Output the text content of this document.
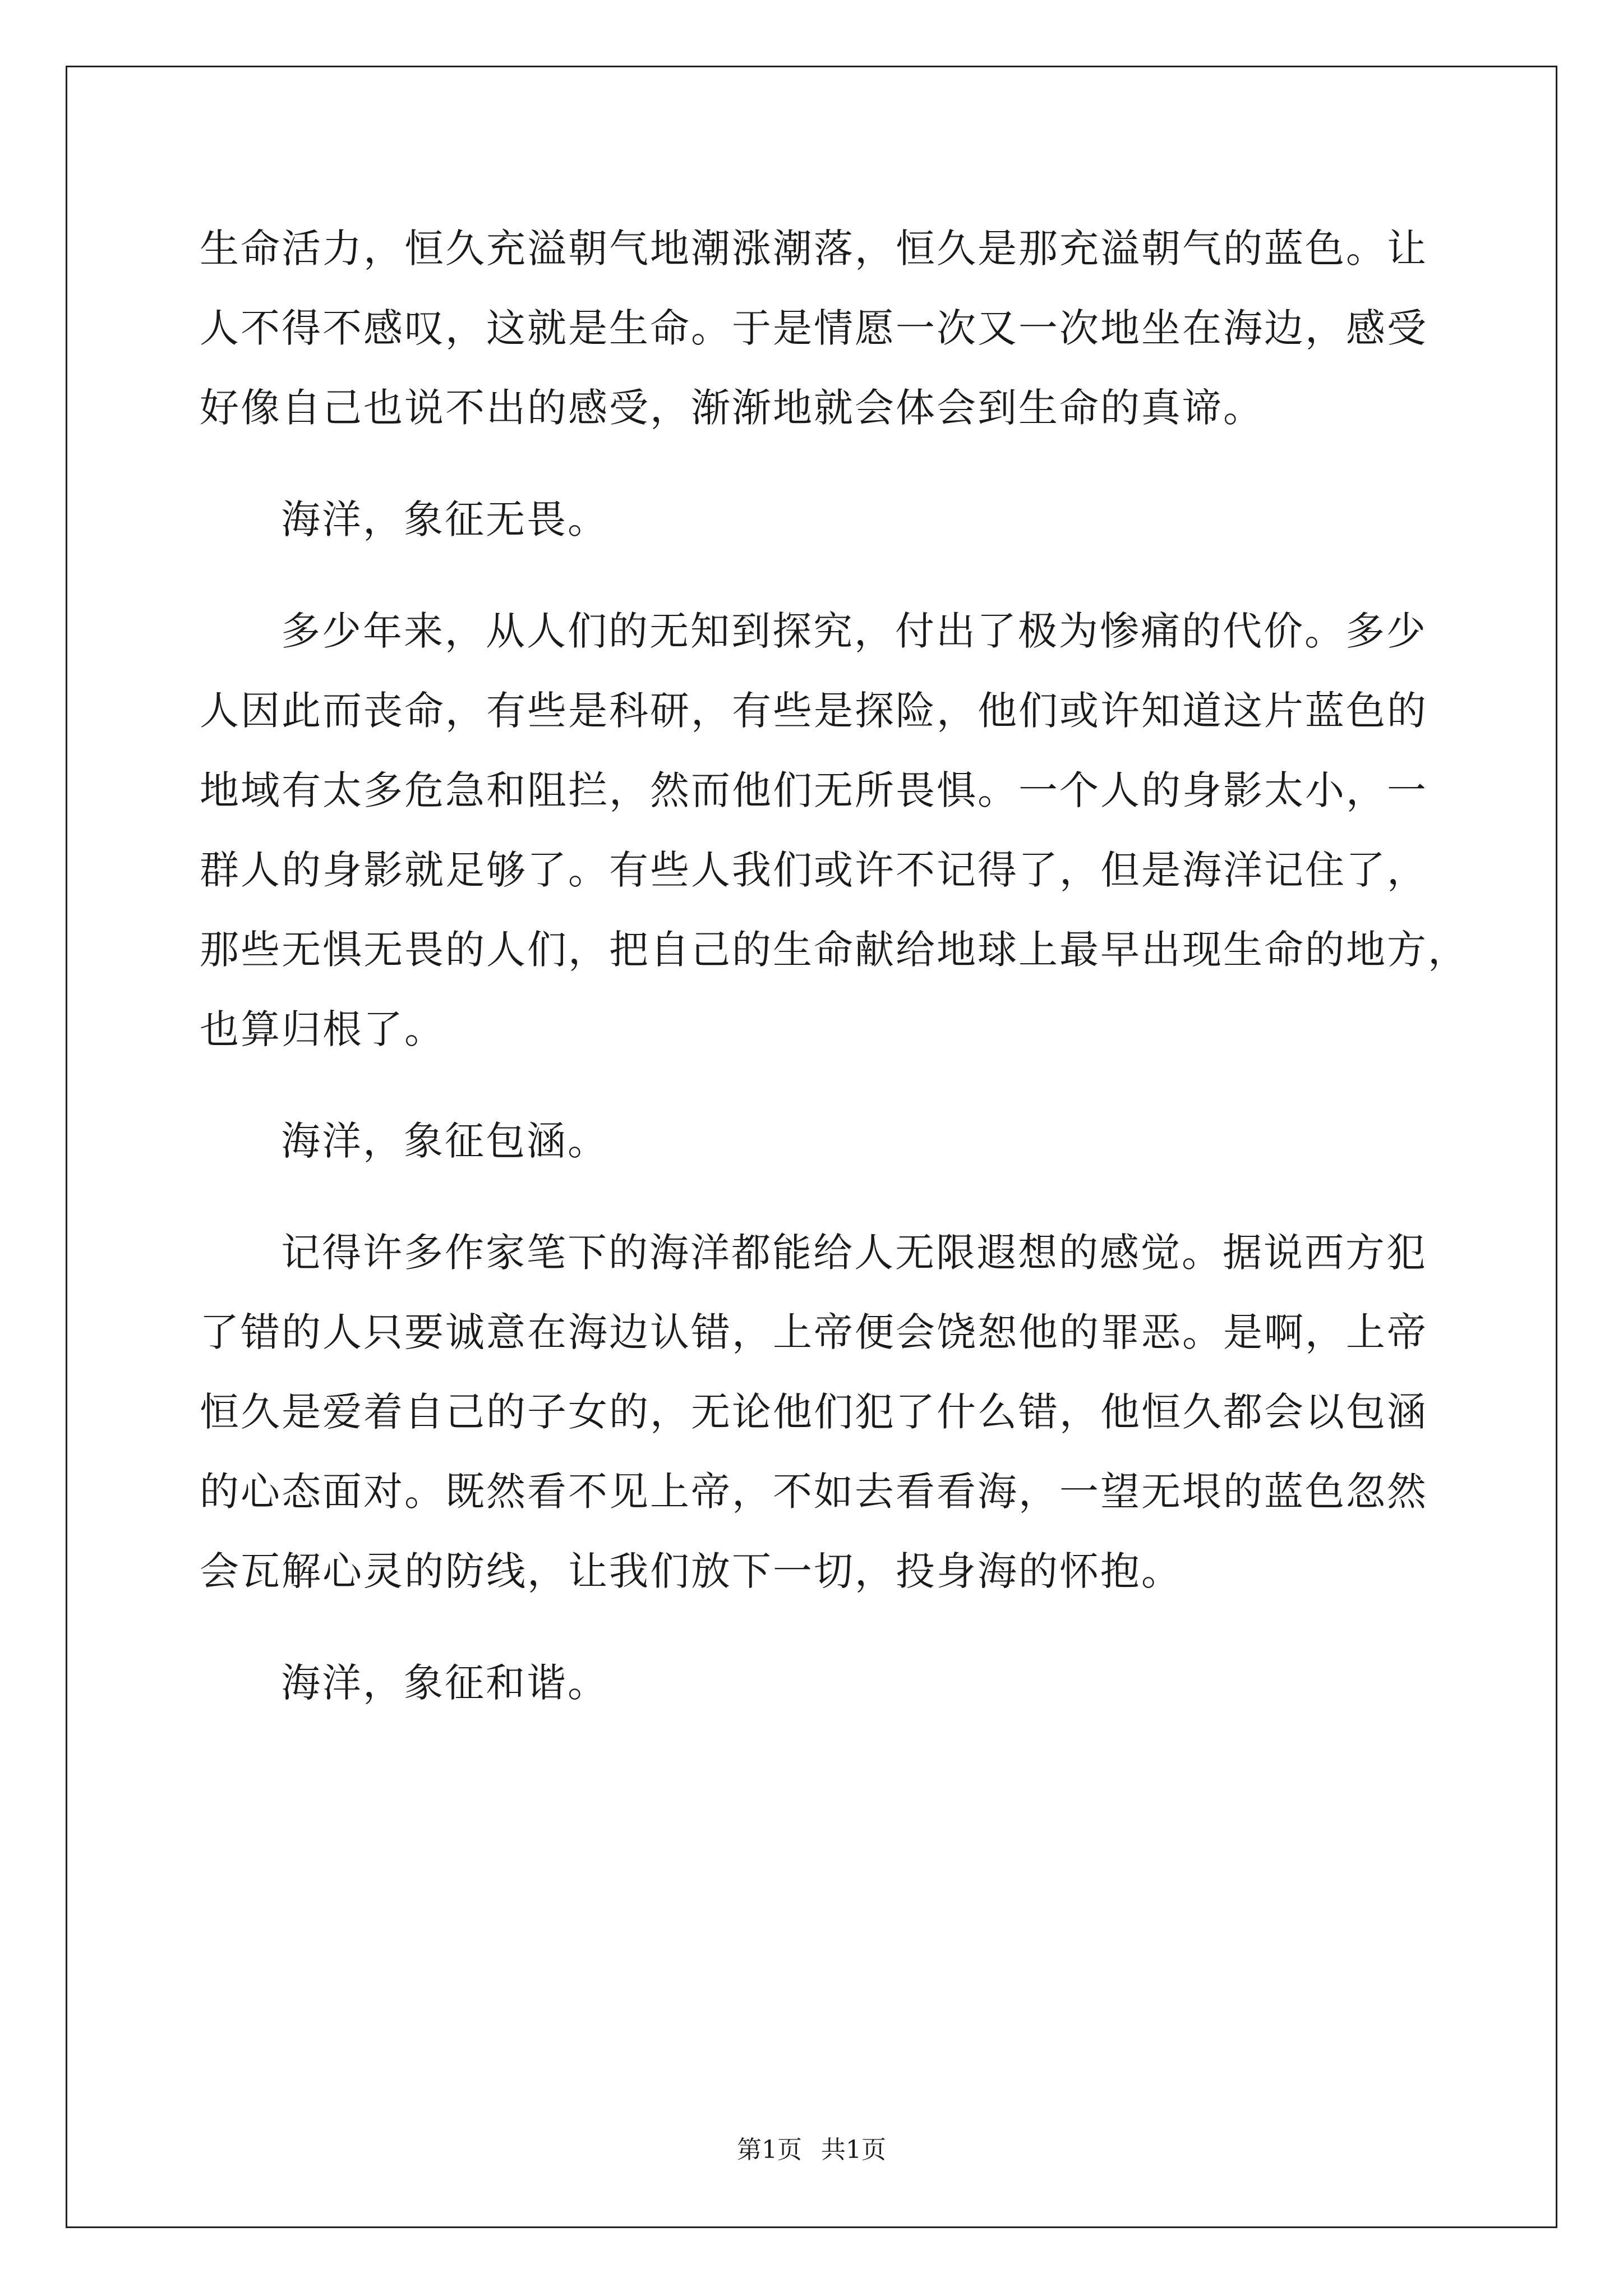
生命活力，恒久充溢朝气地潮涨潮落，恒久是那充溢朝气的蓝色。让
人不得不感叹，这就是生命。于是情愿一次又一次地坐在海边，感受
好像自己也说不出的感受，渐渐地就会体会到生命的真谛。
海洋，象征无畏。
多少年来，从人们的无知到探究，付出了极为惨痛的代价。多少
人因此而丧命，有些是科研，有些是探险，他们或许知道这片蓝色的
地域有太多危急和阻拦，然而他们无所畏惧。一个人的身影太小，一
群人的身影就足够了。有些人我们或许不记得了，但是海洋记住了，
那些无惧无畏的人们，把自己的生命献给地球上最早出现生命的地方，
也算归根了。
海洋，象征包涵。
记得许多作家笔下的海洋都能给人无限遐想的感觉。据说西方犯
了错的人只要诚意在海边认错，上帝便会饶恕他的罪恶。是啊，上帝
恒久是爱着自己的子女的，无论他们犯了什么错，他恒久都会以包涵
的心态面对。既然看不见上帝，不如去看看海，一望无垠的蓝色忽然
会瓦解心灵的防线，让我们放下一切，投身海的怀抱。
海洋，象征和谐。
第1页 共1页
